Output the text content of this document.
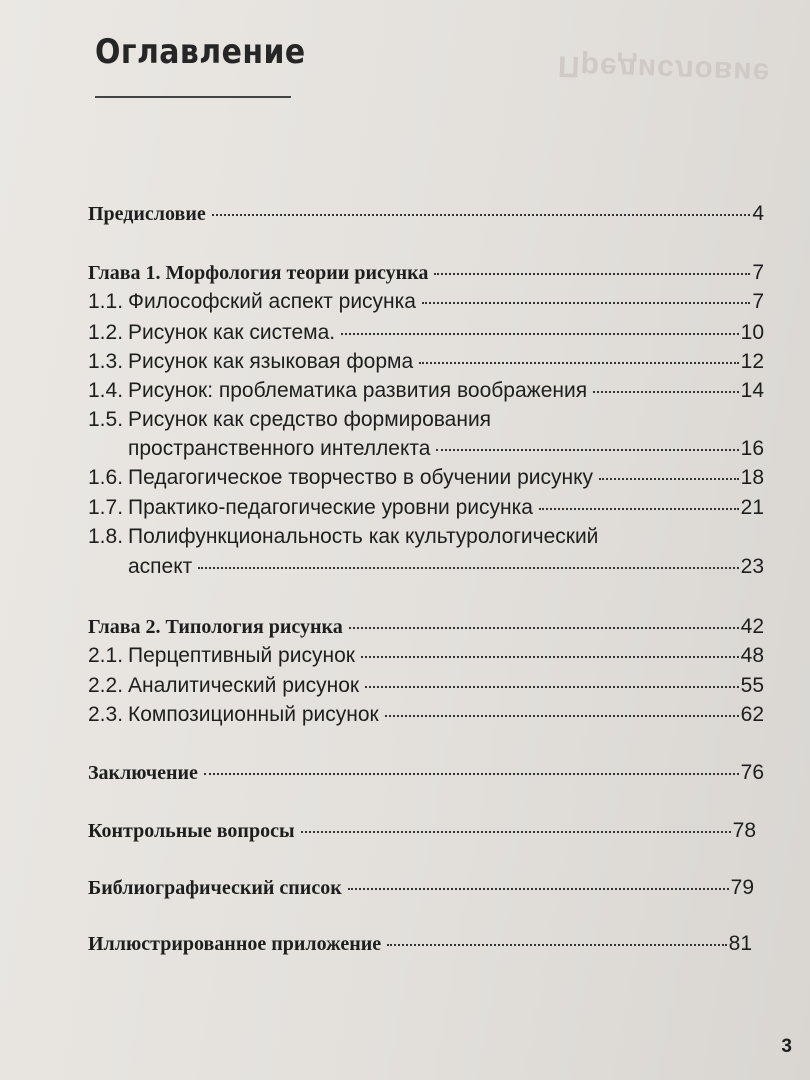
Предисловие
Оглавление
Предисловие	4
Глава 1. Морфология теории рисунка	7
1.1. Философский аспект рисунка	7
1.2. Рисунок как система.	10
1.3. Рисунок как языковая форма	12
1.4. Рисунок: проблематика развития воображения	14
1.5. Рисунок как средство формирования
пространственного интеллекта	16
1.6. Педагогическое творчество в обучении рисунку	18
1.7. Практико-педагогические уровни рисунка	21
1.8. Полифункциональность как культурологический
аспект	23
Глава 2. Типология рисунка	42
2.1. Перцептивный рисунок	48
2.2. Аналитический рисунок	55
2.3. Композиционный рисунок	62
Заключение	76
Контрольные вопросы	78
Библиографический список	79
Иллюстрированное приложение	81
3
